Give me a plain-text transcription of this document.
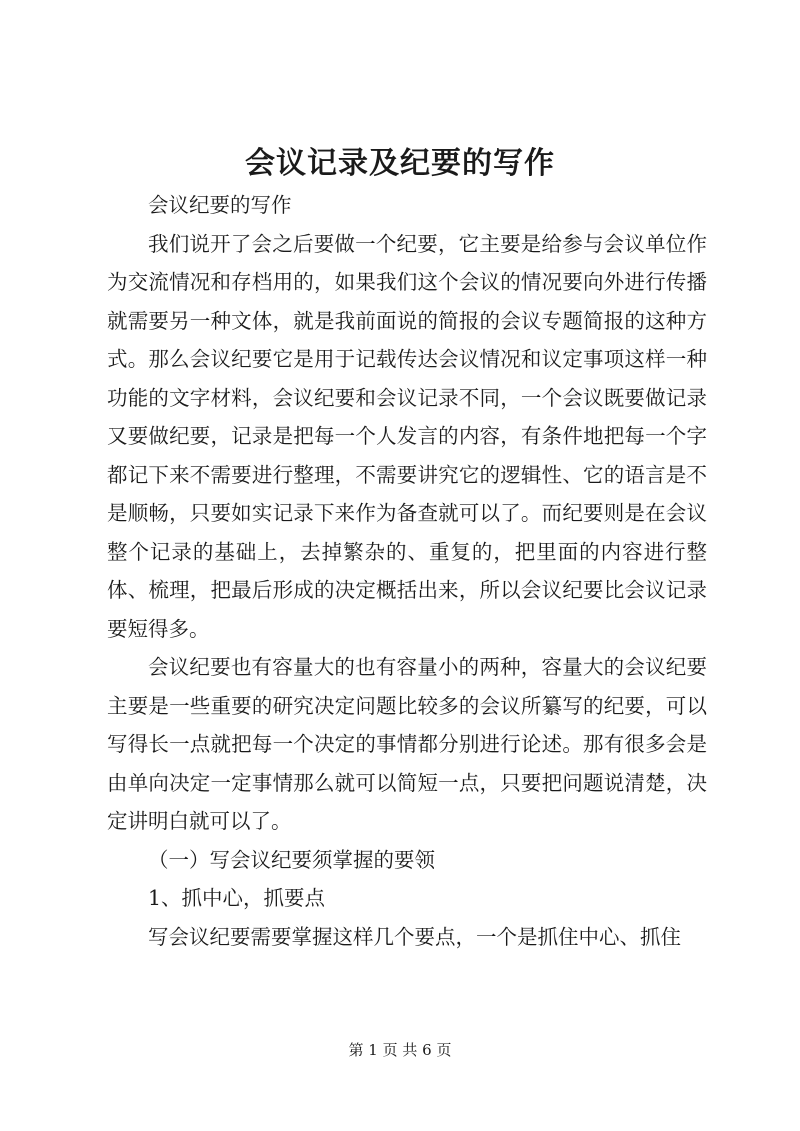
会议记录及纪要的写作

会议纪要的写作

我们说开了会之后要做一个纪要，它主要是给参与会议单位作为交流情况和存档用的，如果我们这个会议的情况要向外进行传播就需要另一种文体，就是我前面说的简报的会议专题简报的这种方式。那么会议纪要它是用于记载传达会议情况和议定事项这样一种功能的文字材料，会议纪要和会议记录不同，一个会议既要做记录又要做纪要，记录是把每一个人发言的内容，有条件地把每一个字都记下来不需要进行整理，不需要讲究它的逻辑性、它的语言是不是顺畅，只要如实记录下来作为备查就可以了。而纪要则是在会议整个记录的基础上，去掉繁杂的、重复的，把里面的内容进行整体、梳理，把最后形成的决定概括出来，所以会议纪要比会议记录要短得多。

会议纪要也有容量大的也有容量小的两种，容量大的会议纪要主要是一些重要的研究决定问题比较多的会议所纂写的纪要，可以写得长一点就把每一个决定的事情都分别进行论述。那有很多会是由单向决定一定事情那么就可以简短一点，只要把问题说清楚，决定讲明白就可以了。

（一）写会议纪要须掌握的要领

1、抓中心，抓要点

写会议纪要需要掌握这样几个要点，一个是抓住中心、抓住

第 1 页 共 6 页
